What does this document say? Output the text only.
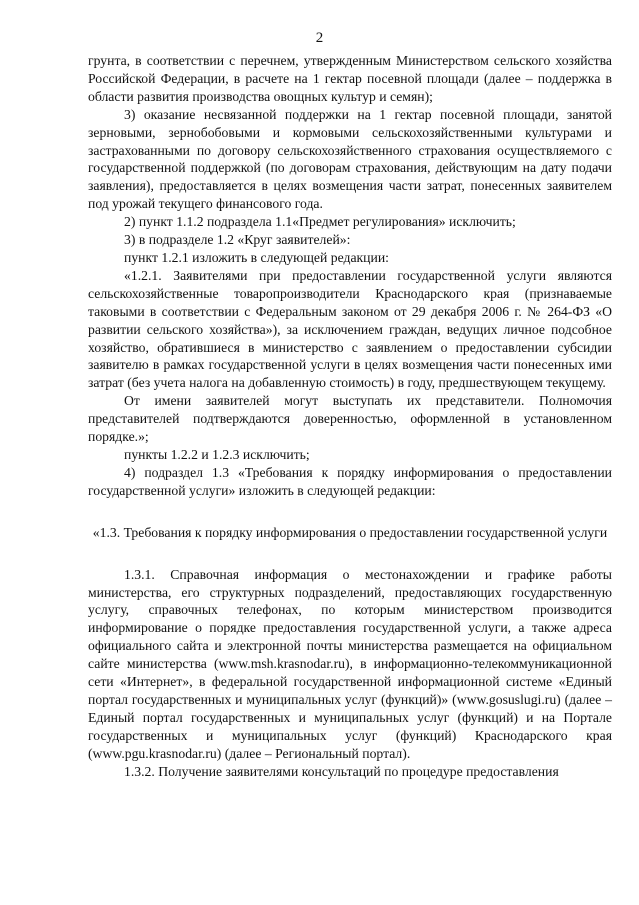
2

грунта, в соответствии с перечнем, утвержденным Министерством сельского хозяйства Российской Федерации, в расчете на 1 гектар посевной площади (далее – поддержка в области развития производства овощных культур и семян);

3) оказание несвязанной поддержки на 1 гектар посевной площади, занятой зерновыми, зернобобовыми и кормовыми сельскохозяйственными культурами и застрахованными по договору сельскохозяйственного страхования осуществляемого с государственной поддержкой (по договорам страхования, действующим на дату подачи заявления), предоставляется в целях возмещения части затрат, понесенных заявителем под урожай текущего финансового года.

2) пункт 1.1.2 подраздела 1.1«Предмет регулирования» исключить;

3) в подразделе 1.2 «Круг заявителей»:

пункт 1.2.1 изложить в следующей редакции:

«1.2.1. Заявителями при предоставлении государственной услуги являются сельскохозяйственные товаропроизводители Краснодарского края (признаваемые таковыми в соответствии с Федеральным законом от 29 декабря 2006 г. № 264-ФЗ «О развитии сельского хозяйства»), за исключением граждан, ведущих личное подсобное хозяйство, обратившиеся в министерство с заявлением о предоставлении субсидии заявителю в рамках государственной услуги в целях возмещения части понесенных ими затрат (без учета налога на добавленную стоимость) в году, предшествующем текущему.

От имени заявителей могут выступать их представители. Полномочия представителей подтверждаются доверенностью, оформленной в установленном порядке.»;

пункты 1.2.2 и 1.2.3 исключить;

4) подраздел 1.3 «Требования к порядку информирования о предоставлении государственной услуги» изложить в следующей редакции:

«1.3. Требования к порядку информирования о предоставлении государственной услуги

1.3.1. Справочная информация о местонахождении и графике работы министерства, его структурных подразделений, предоставляющих государственную услугу, справочных телефонах, по которым министерством производится информирование о порядке предоставления государственной услуги, а также адреса официального сайта и электронной почты министерства размещается на официальном сайте министерства (www.msh.krasnodar.ru), в информационно-телекоммуникационной сети «Интернет», в федеральной государственной информационной системе «Единый портал государственных и муниципальных услуг (функций)» (www.gosuslugi.ru) (далее – Единый портал государственных и муниципальных услуг (функций) и на Портале государственных и муниципальных услуг (функций) Краснодарского края (www.pgu.krasnodar.ru) (далее – Региональный портал).

1.3.2. Получение заявителями консультаций по процедуре предоставления
